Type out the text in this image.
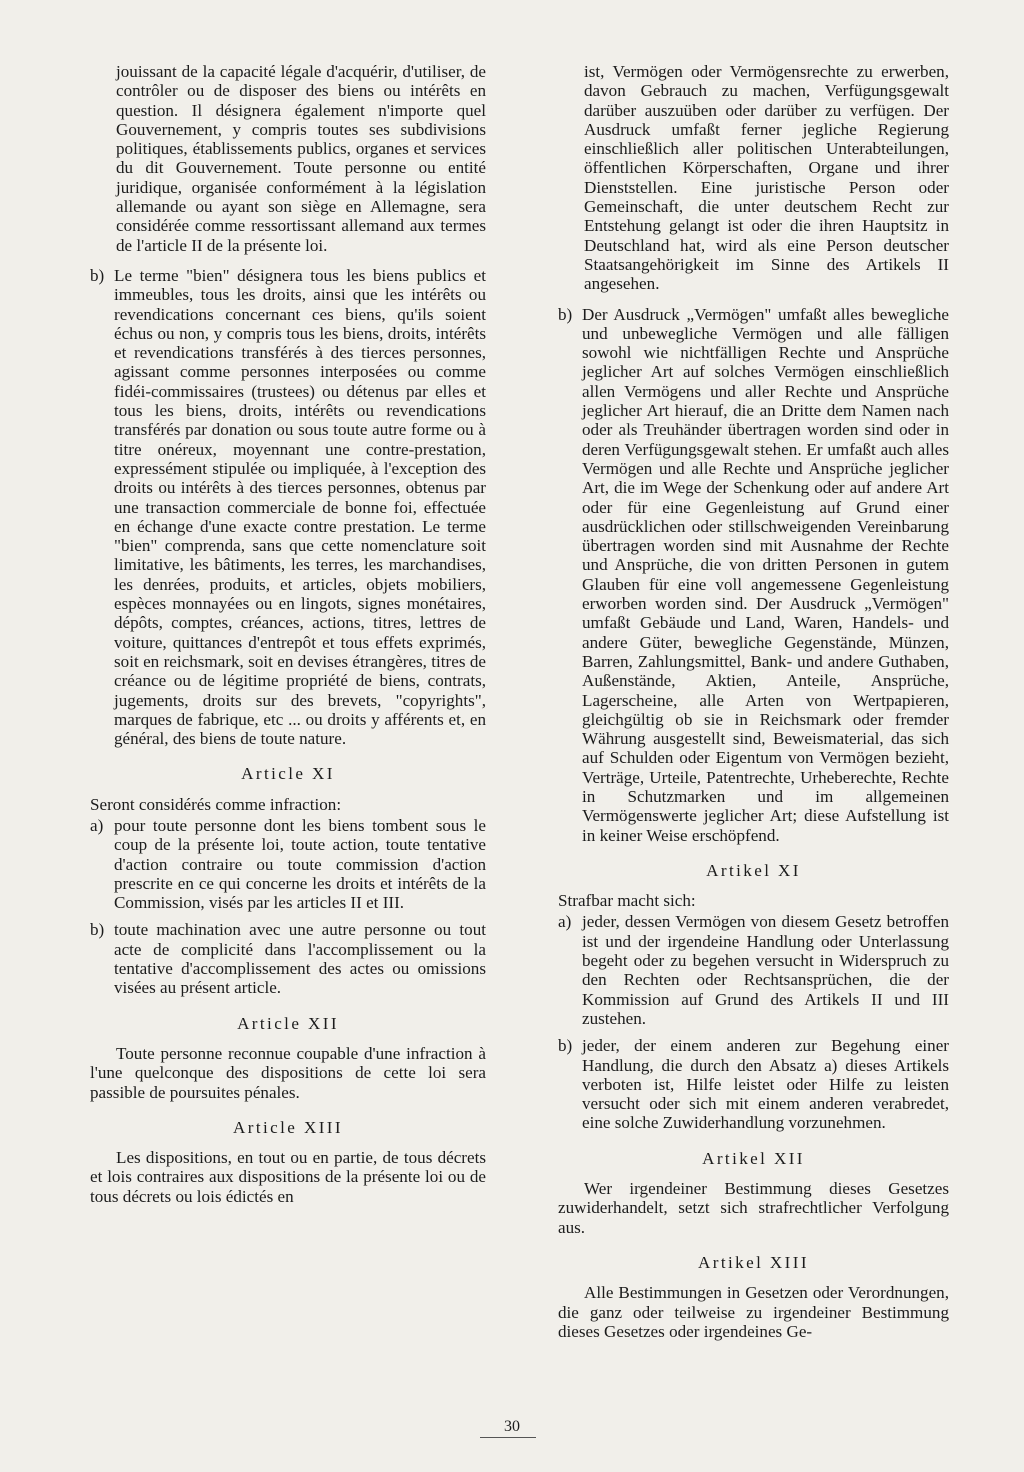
jouissant de la capacité légale d'acquérir, d'utiliser, de contrôler ou de disposer des biens ou intérêts en question. Il désignera également n'importe quel Gouvernement, y compris toutes ses subdivisions politiques, établissements publics, organes et services du dit Gouvernement. Toute personne ou entité juridique, organisée conformément à la législation allemande ou ayant son siège en Allemagne, sera considérée comme ressortissant allemand aux termes de l'article II de la présente loi.

b) Le terme "bien" désignera tous les biens publics et immeubles, tous les droits, ainsi que les intérêts ou revendications concernant ces biens, qu'ils soient échus ou non, y compris tous les biens, droits, intérêts et revendications transférés à des tierces personnes, agissant comme personnes interposées ou comme fidéi-commissaires (trustees) ou détenus par elles et tous les biens, droits, intérêts ou revendications transférés par donation ou sous toute autre forme ou à titre onéreux, moyennant une contre-prestation, expressément stipulée ou impliquée, à l'exception des droits ou intérêts à des tierces personnes, obtenus par une transaction commerciale de bonne foi, effectuée en échange d'une exacte contre prestation. Le terme "bien" comprenda, sans que cette nomenclature soit limitative, les bâtiments, les terres, les marchandises, les denrées, produits, et articles, objets mobiliers, espèces monnayées ou en lingots, signes monétaires, dépôts, comptes, créances, actions, titres, lettres de voiture, quittances d'entrepôt et tous effets exprimés, soit en reichsmark, soit en devises étrangères, titres de créance ou de légitime propriété de biens, contrats, jugements, droits sur des brevets, "copyrights", marques de fabrique, etc ... ou droits y afférents et, en général, des biens de toute nature.
Article XI

Seront considérés comme infraction:

a) pour toute personne dont les biens tombent sous le coup de la présente loi, toute action, toute tentative d'action contraire ou toute commission d'action prescrite en ce qui concerne les droits et intérêts de la Commission, visés par les articles II et III.
b) toute machination avec une autre personne ou tout acte de complicité dans l'accomplissement ou la tentative d'accomplissement des actes ou omissions visées au présent article.
Article XII

Toute personne reconnue coupable d'une infraction à l'une quelconque des dispositions de cette loi sera passible de poursuites pénales.

Article XIII

Les dispositions, en tout ou en partie, de tous décrets et lois contraires aux dispositions de la présente loi ou de tous décrets ou lois édictés en

ist, Vermögen oder Vermögensrechte zu erwerben, davon Gebrauch zu machen, Verfügungsgewalt darüber auszuüben oder darüber zu verfügen. Der Ausdruck umfaßt ferner jegliche Regierung einschließlich aller politischen Unterabteilungen, öffentlichen Körperschaften, Organe und ihrer Dienststellen. Eine juristische Person oder Gemeinschaft, die unter deutschem Recht zur Entstehung gelangt ist oder die ihren Hauptsitz in Deutschland hat, wird als eine Person deutscher Staatsangehörigkeit im Sinne des Artikels II angesehen.

b) Der Ausdruck „Vermögen" umfaßt alles bewegliche und unbewegliche Vermögen und alle fälligen sowohl wie nichtfälligen Rechte und Ansprüche jeglicher Art auf solches Vermögen einschließlich allen Vermögens und aller Rechte und Ansprüche jeglicher Art hierauf, die an Dritte dem Namen nach oder als Treuhänder übertragen worden sind oder in deren Verfügungsgewalt stehen. Er umfaßt auch alles Vermögen und alle Rechte und Ansprüche jeglicher Art, die im Wege der Schenkung oder auf andere Art oder für eine Gegenleistung auf Grund einer ausdrücklichen oder stillschweigenden Vereinbarung übertragen worden sind mit Ausnahme der Rechte und Ansprüche, die von dritten Personen in gutem Glauben für eine voll angemessene Gegenleistung erworben worden sind. Der Ausdruck „Vermögen" umfaßt Gebäude und Land, Waren, Handels- und andere Güter, bewegliche Gegenstände, Münzen, Barren, Zahlungsmittel, Bank- und andere Guthaben, Außenstände, Aktien, Anteile, Ansprüche, Lagerscheine, alle Arten von Wertpapieren, gleichgültig ob sie in Reichsmark oder fremder Währung ausgestellt sind, Beweismaterial, das sich auf Schulden oder Eigentum von Vermögen bezieht, Verträge, Urteile, Patentrechte, Urheberechte, Rechte in Schutzmarken und im allgemeinen Vermögenswerte jeglicher Art; diese Aufstellung ist in keiner Weise erschöpfend.
Artikel XI

Strafbar macht sich:

a) jeder, dessen Vermögen von diesem Gesetz betroffen ist und der irgendeine Handlung oder Unterlassung begeht oder zu begehen versucht in Widerspruch zu den Rechten oder Rechtsansprüchen, die der Kommission auf Grund des Artikels II und III zustehen.
b) jeder, der einem anderen zur Begehung einer Handlung, die durch den Absatz a) dieses Artikels verboten ist, Hilfe leistet oder Hilfe zu leisten versucht oder sich mit einem anderen verabredet, eine solche Zuwiderhandlung vorzunehmen.
Artikel XII

Wer irgendeiner Bestimmung dieses Gesetzes zuwiderhandelt, setzt sich strafrechtlicher Verfolgung aus.

Artikel XIII

Alle Bestimmungen in Gesetzen oder Verordnungen, die ganz oder teilweise zu irgendeiner Bestimmung dieses Gesetzes oder irgendeines Ge-

30
